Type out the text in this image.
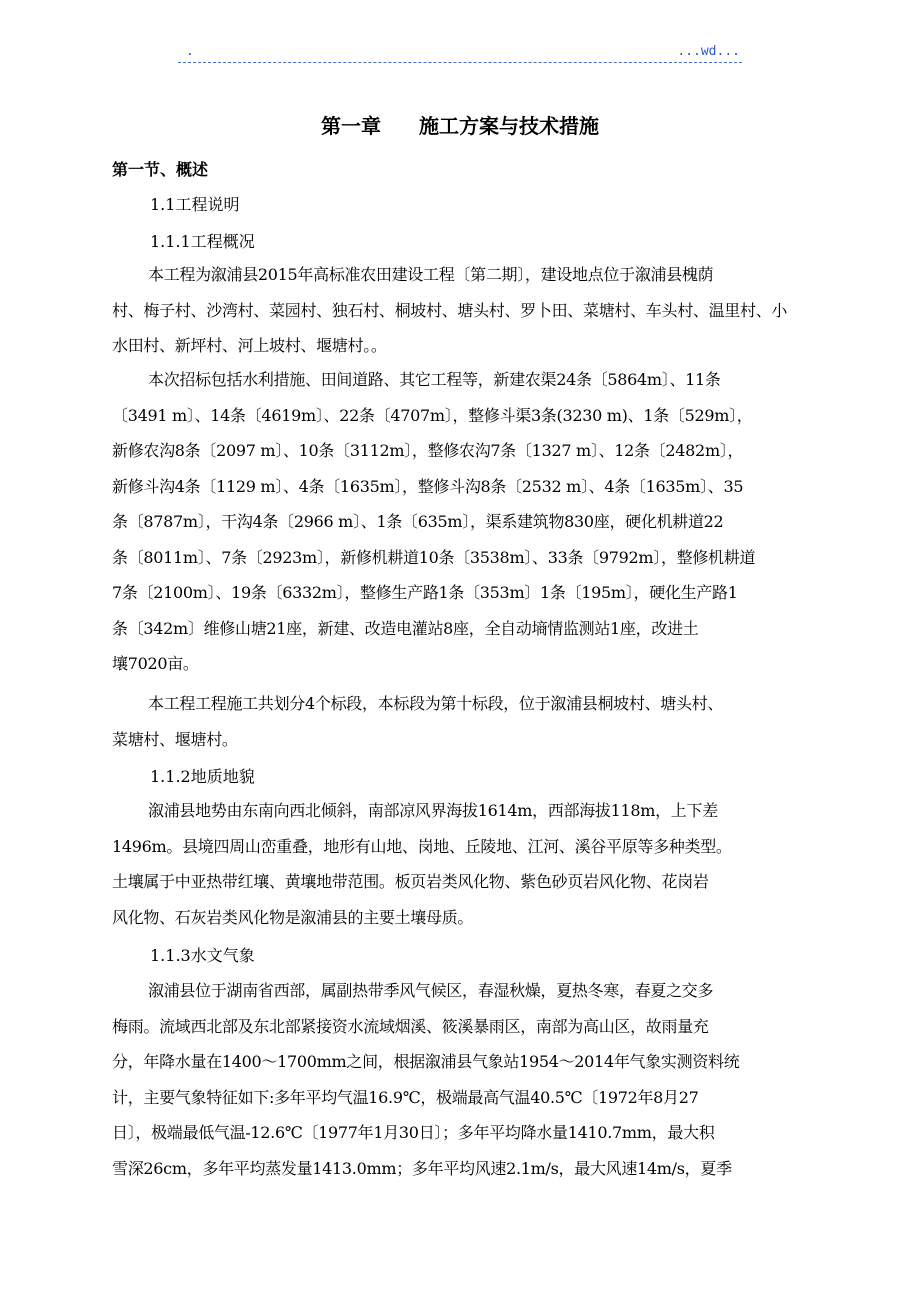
.	...wd...
第一章 施工方案与技术措施
第一节、概述
1.1工程说明
1.1.1工程概况
本工程为溆浦县2015年高标准农田建设工程〔第二期〕，建设地点位于溆浦县槐荫
村、梅子村、沙湾村、菜园村、独石村、桐坡村、塘头村、罗卜田、菜塘村、车头村、温里村、小
水田村、新坪村、河上坡村、堰塘村。。
本次招标包括水利措施、田间道路、其它工程等，新建农渠24条〔5864m〕、11条
〔3491 m〕、14条〔4619m〕、22条〔4707m〕，整修斗渠3条(3230 m)、1条〔529m〕，
新修农沟8条〔2097 m〕、10条〔3112m〕，整修农沟7条〔1327 m〕、12条〔2482m〕，
新修斗沟4条〔1129 m〕、4条〔1635m〕，整修斗沟8条〔2532 m〕、4条〔1635m〕、35
条〔8787m〕，干沟4条〔2966 m〕、1条〔635m〕，渠系建筑物830座，硬化机耕道22
条〔8011m〕、7条〔2923m〕，新修机耕道10条〔3538m〕、33条〔9792m〕，整修机耕道
7条〔2100m〕、19条〔6332m〕，整修生产路1条〔353m〕1条〔195m〕，硬化生产路1
条〔342m〕维修山塘21座，新建、改造电灌站8座，全自动墒情监测站1座，改进土
壤7020亩。
本工程工程施工共划分4个标段，本标段为第十标段，位于溆浦县桐坡村、塘头村、
菜塘村、堰塘村。
1.1.2地质地貌
溆浦县地势由东南向西北倾斜，南部凉风界海拔1614m，西部海拔118m，上下差
1496m。县境四周山峦重叠，地形有山地、岗地、丘陵地、江河、溪谷平原等多种类型。
土壤属于中亚热带红壤、黄壤地带范围。板页岩类风化物、紫色砂页岩风化物、花岗岩
风化物、石灰岩类风化物是溆浦县的主要土壤母质。
1.1.3水文气象
溆浦县位于湖南省西部，属副热带季风气候区，春湿秋燥，夏热冬寒，春夏之交多
梅雨。流域西北部及东北部紧接资水流域烟溪、筱溪暴雨区，南部为高山区，故雨量充
分，年降水量在1400～1700mm之间，根据溆浦县气象站1954～2014年气象实测资料统
计，主要气象特征如下:多年平均气温16.9℃，极端最高气温40.5℃〔1972年8月27
日〕，极端最低气温-12.6℃〔1977年1月30日〕；多年平均降水量1410.7mm，最大积
雪深26cm，多年平均蒸发量1413.0mm；多年平均风速2.1m/s，最大风速14m/s，夏季
